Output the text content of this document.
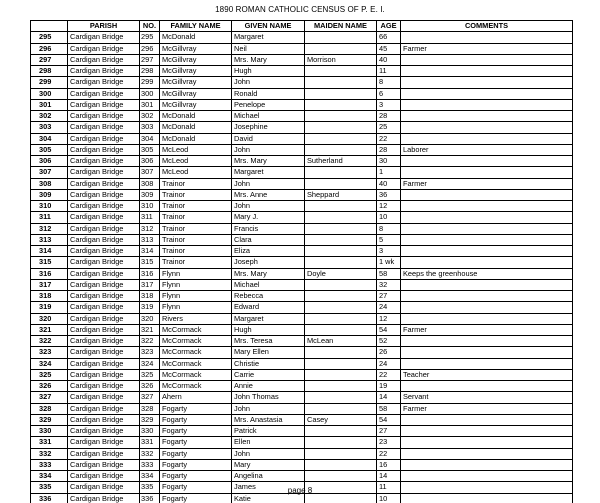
1890 ROMAN CATHOLIC CENSUS OF P. E. I.
	PARISH	NO.	FAMILY NAME	GIVEN NAME	MAIDEN NAME	AGE	COMMENTS
295	Cardigan Bridge	295	McDonald	Margaret		66	
296	Cardigan Bridge	296	McGillvray	Neil		45	Farmer
297	Cardigan Bridge	297	McGillvray	Mrs. Mary	Morrison	40	
298	Cardigan Bridge	298	McGillvray	Hugh		11	
299	Cardigan Bridge	299	McGillvray	John		8	
300	Cardigan Bridge	300	McGillvray	Ronald		6	
301	Cardigan Bridge	301	McGillvray	Penelope		3	
302	Cardigan Bridge	302	McDonald	Michael		28	
303	Cardigan Bridge	303	McDonald	Josephine		25	
304	Cardigan Bridge	304	McDonald	David		22	
305	Cardigan Bridge	305	McLeod	John		28	Laborer
306	Cardigan Bridge	306	McLeod	Mrs. Mary	Sutherland	30	
307	Cardigan Bridge	307	McLeod	Margaret		1	
308	Cardigan Bridge	308	Trainor	John		40	Farmer
309	Cardigan Bridge	309	Trainor	Mrs. Anne	Sheppard	36	
310	Cardigan Bridge	310	Trainor	John		12	
311	Cardigan Bridge	311	Trainor	Mary J.		10	
312	Cardigan Bridge	312	Trainor	Francis		8	
313	Cardigan Bridge	313	Trainor	Clara		5	
314	Cardigan Bridge	314	Trainor	Eliza		3	
315	Cardigan Bridge	315	Trainor	Joseph		1 wk	
316	Cardigan Bridge	316	Flynn	Mrs. Mary	Doyle	58	Keeps the greenhouse
317	Cardigan Bridge	317	Flynn	Michael		32	
318	Cardigan Bridge	318	Flynn	Rebecca		27	
319	Cardigan Bridge	319	Flynn	Edward		24	
320	Cardigan Bridge	320	Rivers	Margaret		12	
321	Cardigan Bridge	321	McCormack	Hugh		54	Farmer
322	Cardigan Bridge	322	McCormack	Mrs. Teresa	McLean	52	
323	Cardigan Bridge	323	McCormack	Mary Ellen		26	
324	Cardigan Bridge	324	McCormack	Christie		24	
325	Cardigan Bridge	325	McCormack	Carrie		22	Teacher
326	Cardigan Bridge	326	McCormack	Annie		19	
327	Cardigan Bridge	327	Ahern	John Thomas		14	Servant
328	Cardigan Bridge	328	Fogarty	John		58	Farmer
329	Cardigan Bridge	329	Fogarty	Mrs. Anastasia	Casey	54	
330	Cardigan Bridge	330	Fogarty	Patrick		27	
331	Cardigan Bridge	331	Fogarty	Ellen		23	
332	Cardigan Bridge	332	Fogarty	John		22	
333	Cardigan Bridge	333	Fogarty	Mary		16	
334	Cardigan Bridge	334	Fogarty	Angelina		14	
335	Cardigan Bridge	335	Fogarty	James		11	
336	Cardigan Bridge	336	Fogarty	Katie		10	
page 8
